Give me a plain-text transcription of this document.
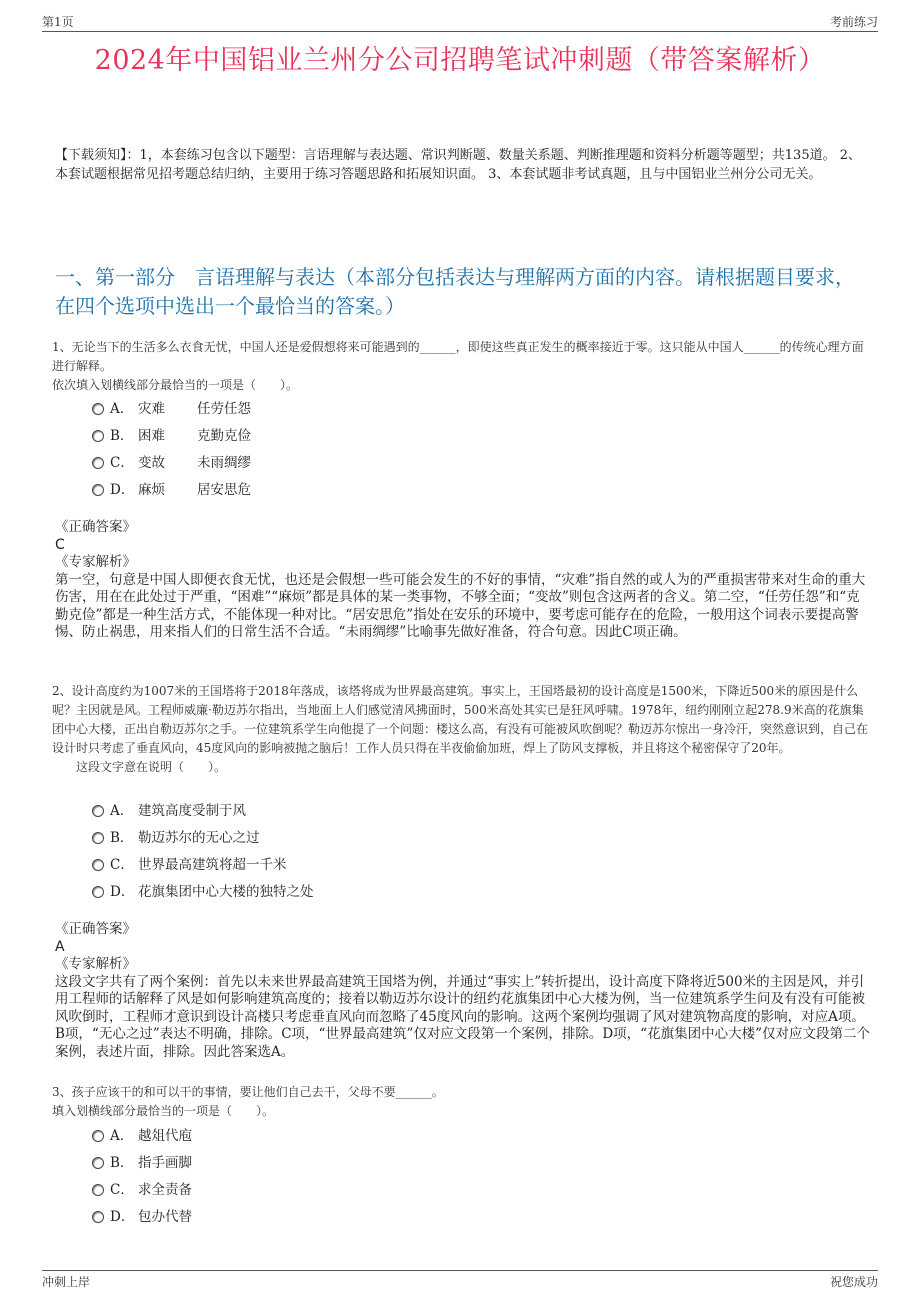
第1页	考前练习
2024年中国铝业兰州分公司招聘笔试冲刺题（带答案解析）
【下载须知】：1，本套练习包含以下题型：言语理解与表达题、常识判断题、数量关系题、判断推理题和资料分析题等题型；共135道。 2、本套试题根据常见招考题总结归纳，主要用于练习答题思路和拓展知识面。 3、本套试题非考试真题，且与中国铝业兰州分公司无关。
一、第一部分　言语理解与表达（本部分包括表达与理解两方面的内容。请根据题目要求，在四个选项中选出一个最恰当的答案。）

1、无论当下的生活多么衣食无忧，中国人还是爱假想将来可能遇到的______，即使这些真正发生的概率接近于零。这只能从中国人______的传统心理方面进行解释。

依次填入划横线部分最恰当的一项是（　　）。

A． 灾难 任劳任怨
B． 困难 克勤克俭
C． 变故 未雨绸缪
D． 麻烦 居安思危

《正确答案》

C

《专家解析》

第一空，句意是中国人即便衣食无忧，也还是会假想一些可能会发生的不好的事情，“灾难”指自然的或人为的严重损害带来对生命的重大伤害，用在在此处过于严重，“困难”“麻烦”都是具体的某一类事物，不够全面；“变故”则包含这两者的含义。第二空，“任劳任怨”和“克勤克俭”都是一种生活方式，不能体现一种对比。“居安思危”指处在安乐的环境中，要考虑可能存在的危险，一般用这个词表示要提高警惕、防止祸患，用来指人们的日常生活不合适。“未雨绸缪”比喻事先做好准备，符合句意。因此C项正确。

2、设计高度约为1007米的王国塔将于2018年落成，该塔将成为世界最高建筑。事实上，王国塔最初的设计高度是1500米，下降近500米的原因是什么呢？主因就是风。工程师威廉·勒迈苏尔指出，当地面上人们感觉清风拂面时，500米高处其实已是狂风呼啸。1978年，纽约刚刚立起278.9米高的花旗集团中心大楼，正出自勒迈苏尔之手。一位建筑系学生向他提了一个问题：楼这么高，有没有可能被风吹倒呢？勒迈苏尔惊出一身冷汗，突然意识到，自己在设计时只考虑了垂直风向，45度风向的影响被抛之脑后！工作人员只得在半夜偷偷加班，焊上了防风支撑板，并且将这个秘密保守了20年。

这段文字意在说明（　　）。

A． 建筑高度受制于风
B． 勒迈苏尔的无心之过
C． 世界最高建筑将超一千米
D． 花旗集团中心大楼的独特之处

《正确答案》

A

《专家解析》

这段文字共有了两个案例：首先以未来世界最高建筑王国塔为例，并通过“事实上”转折提出，设计高度下降将近500米的主因是风，并引用工程师的话解释了风是如何影响建筑高度的；接着以勒迈苏尔设计的纽约花旗集团中心大楼为例，当一位建筑系学生问及有没有可能被风吹倒时，工程师才意识到设计高楼只考虑垂直风向而忽略了45度风向的影响。这两个案例均强调了风对建筑物高度的影响，对应A项。B项，“无心之过”表达不明确，排除。C项，“世界最高建筑”仅对应文段第一个案例，排除。D项，“花旗集团中心大楼”仅对应文段第二个案例，表述片面，排除。因此答案选A。

3、孩子应该干的和可以干的事情，要让他们自己去干，父母不要______。

填入划横线部分最恰当的一项是（　　）。

A． 越俎代庖
B． 指手画脚
C． 求全责备
D． 包办代替
冲刺上岸	祝您成功
